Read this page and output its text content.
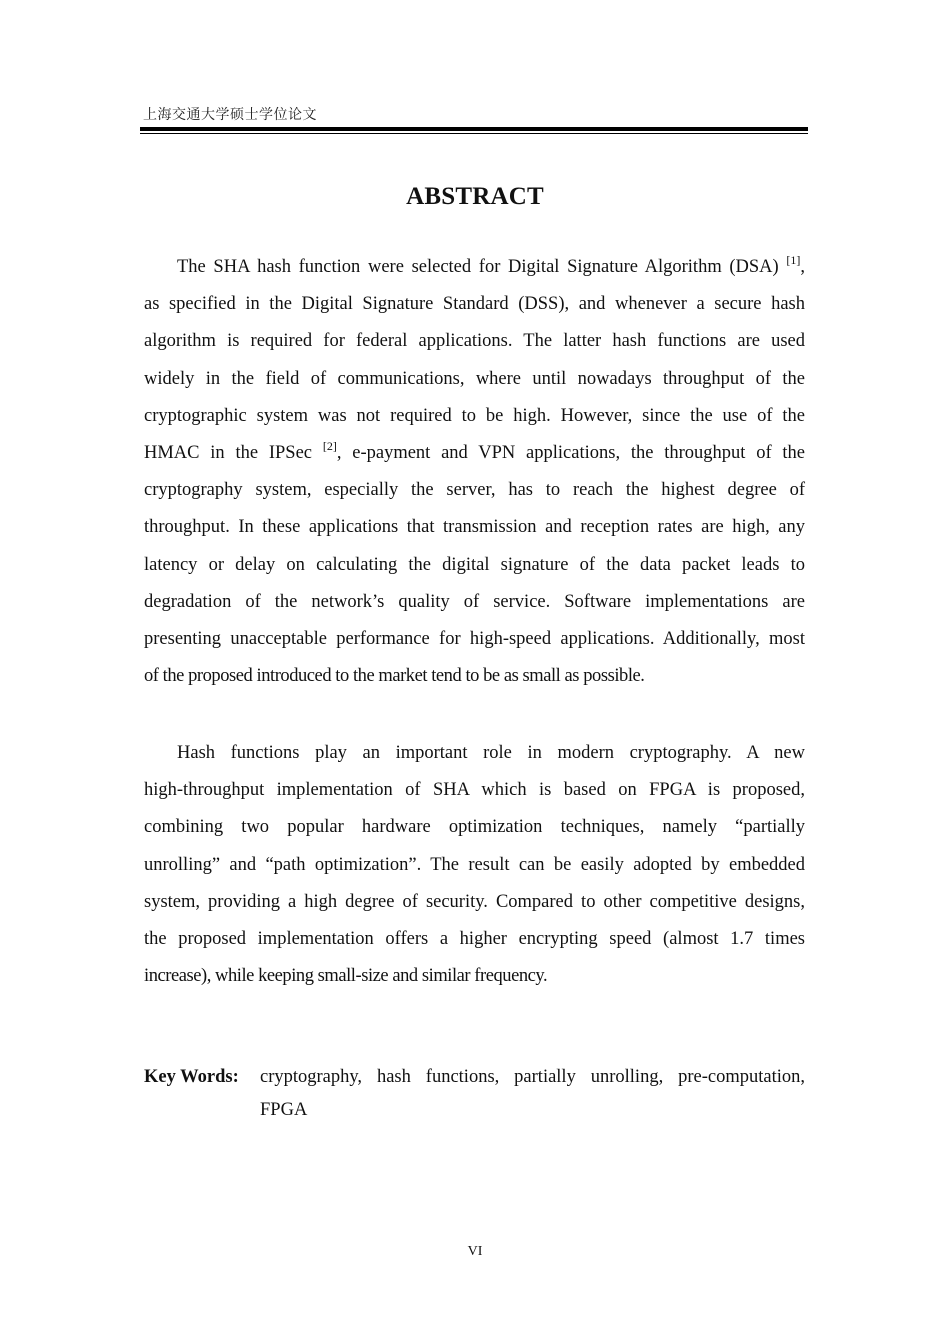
上海交通大学硕士学位论文
ABSTRACT
The SHA hash function were selected for Digital Signature Algorithm (DSA) [1],
as specified in the Digital Signature Standard (DSS), and whenever a secure hash
algorithm is required for federal applications. The latter hash functions are used
widely in the field of communications, where until nowadays throughput of the
cryptographic system was not required to be high. However, since the use of the
HMAC in the IPSec [2], e-payment and VPN applications, the throughput of the
cryptography system, especially the server, has to reach the highest degree of
throughput. In these applications that transmission and reception rates are high, any
latency or delay on calculating the digital signature of the data packet leads to
degradation of the network’s quality of service. Software implementations are
presenting unacceptable performance for high-speed applications. Additionally, most
of the proposed introduced to the market tend to be as small as possible.
Hash functions play an important role in modern cryptography. A new
high-throughput implementation of SHA which is based on FPGA is proposed,
combining two popular hardware optimization techniques, namely “partially
unrolling” and “path optimization”. The result can be easily adopted by embedded
system, providing a high degree of security. Compared to other competitive designs,
the proposed implementation offers a higher encrypting speed (almost 1.7 times
increase), while keeping small-size and similar frequency.
Key Words:	cryptography, hash functions, partially unrolling, pre-computation,
FPGA
VI
